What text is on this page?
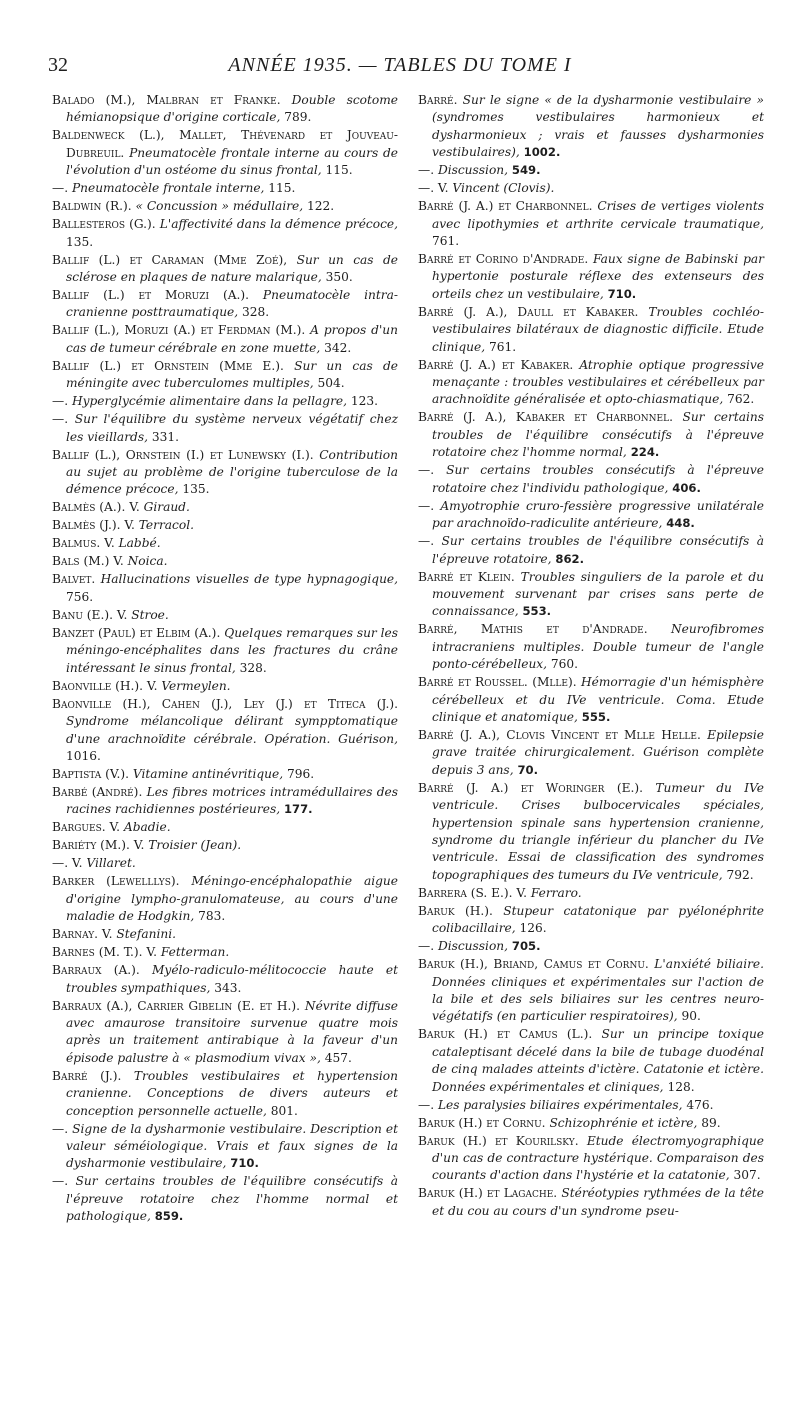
32	ANNÉE 1935. — TABLES DU TOME I
Balado (M.), Malbran et Franke. Double scotome hémianopsique d'origine corticale, 789.
Baldenweck (L.), Mallet, Thévenard et Jouveau-Dubreuil. Pneumatocèle frontale interne au cours de l'évolution d'un ostéome du sinus frontal, 115.
—. Pneumatocèle frontale interne, 115.
Baldwin (R.). « Concussion » médullaire, 122.
Ballesteros (G.). L'affectivité dans la démence précoce, 135.
Ballif (L.) et Caraman (Mme Zoé), Sur un cas de sclérose en plaques de nature malarique, 350.
Ballif (L.) et Moruzi (A.). Pneumatocèle intra-cranienne posttraumatique, 328.
Ballif (L.), Moruzi (A.) et Ferdman (M.). A propos d'un cas de tumeur cérébrale en zone muette, 342.
Ballif (L.) et Ornstein (Mme E.). Sur un cas de méningite avec tuberculomes multiples, 504.
—. Hyperglycémie alimentaire dans la pellagre, 123.
—. Sur l'équilibre du système nerveux végétatif chez les vieillards, 331.
Ballif (L.), Ornstein (I.) et Lunewsky (I.). Contribution au sujet au problème de l'origine tuberculose de la démence précoce, 135.
Balmès (A.). V. Giraud.
Balmès (J.). V. Terracol.
Balmus. V. Labbé.
Bals (M.) V. Noica.
Balvet. Hallucinations visuelles de type hypnagogique, 756.
Banu (E.). V. Stroe.
Banzet (Paul) et Elbim (A.). Quelques remarques sur les méningo-encéphalites dans les fractures du crâne intéressant le sinus frontal, 328.
Baonville (H.). V. Vermeylen.
Baonville (H.), Cahen (J.), Ley (J.) et Titeca (J.). Syndrome mélancolique délirant sympptomatique d'une arachnoïdite cérébrale. Opération. Guérison, 1016.
Baptista (V.). Vitamine antinévritique, 796.
Barbé (André). Les fibres motrices intramédullaires des racines rachidiennes postérieures, 177.
Bargues. V. Abadie.
Bariéty (M.). V. Troisier (Jean).
—. V. Villaret.
Barker (Lewelllys). Méningo-encéphalopathie aigue d'origine lympho-granulomateuse, au cours d'une maladie de Hodgkin, 783.
Barnay. V. Stefanini.
Barnes (M. T.). V. Fetterman.
Barraux (A.). Myélo-radiculo-mélitococcie haute et troubles sympathiques, 343.
Barraux (A.), Carrier Gibelin (E. et H.). Névrite diffuse avec amaurose transitoire survenue quatre mois après un traitement antirabique à la faveur d'un épisode palustre à « plasmodium vivax », 457.
Barré (J.). Troubles vestibulaires et hypertension cranienne. Conceptions de divers auteurs et conception personnelle actuelle, 801.
—. Signe de la dysharmonie vestibulaire. Description et valeur séméiologique. Vrais et faux signes de la dysharmonie vestibulaire, 710.
—. Sur certains troubles de l'équilibre consécutifs à l'épreuve rotatoire chez l'homme normal et pathologique, 859.
Barré. Sur le signe « de la dysharmonie vestibulaire » (syndromes vestibulaires harmonieux et dysharmonieux ; vrais et fausses dysharmonies vestibulaires), 1002.
—. Discussion, 549.
—. V. Vincent (Clovis).
Barré (J. A.) et Charbonnel. Crises de vertiges violents avec lipothymies et arthrite cervicale traumatique, 761.
Barré et Corino d'Andrade. Faux signe de Babinski par hypertonie posturale réflexe des extenseurs des orteils chez un vestibulaire, 710.
Barré (J. A.), Daull et Kabaker. Troubles cochléo-vestibulaires bilatéraux de diagnostic difficile. Etude clinique, 761.
Barré (J. A.) et Kabaker. Atrophie optique progressive menaçante : troubles vestibulaires et cérébelleux par arachnoïdite généralisée et opto-chiasmatique, 762.
Barré (J. A.), Kabaker et Charbonnel. Sur certains troubles de l'équilibre consécutifs à l'épreuve rotatoire chez l'homme normal, 224.
—. Sur certains troubles consécutifs à l'épreuve rotatoire chez l'individu pathologique, 406.
—. Amyotrophie cruro-fessière progressive unilatérale par arachnoïdo-radiculite antérieure, 448.
—. Sur certains troubles de l'équilibre consécutifs à l'épreuve rotatoire, 862.
Barré et Klein. Troubles singuliers de la parole et du mouvement survenant par crises sans perte de connaissance, 553.
Barré, Mathis et d'Andrade. Neurofibromes intracraniens multiples. Double tumeur de l'angle ponto-cérébelleux, 760.
Barré et Roussel. (Mlle). Hémorragie d'un hémisphère cérébelleux et du IVe ventricule. Coma. Etude clinique et anatomique, 555.
Barré (J. A.), Clovis Vincent et Mlle Helle. Epilepsie grave traitée chirurgicalement. Guérison complète depuis 3 ans, 70.
Barré (J. A.) et Woringer (E.). Tumeur du IVe ventricule. Crises bulbocervicales spéciales, hypertension spinale sans hypertension cranienne, syndrome du triangle inférieur du plancher du IVe ventricule. Essai de classification des syndromes topographiques des tumeurs du IVe ventricule, 792.
Barrera (S. E.). V. Ferraro.
Baruk (H.). Stupeur catatonique par pyélonéphrite colibacillaire, 126.
—. Discussion, 705.
Baruk (H.), Briand, Camus et Cornu. L'anxiété biliaire. Données cliniques et expérimentales sur l'action de la bile et des sels biliaires sur les centres neuro-végétatifs (en particulier respiratoires), 90.
Baruk (H.) et Camus (L.). Sur un principe toxique cataleptisant décelé dans la bile de tubage duodénal de cinq malades atteints d'ictère. Catatonie et ictère. Données expérimentales et cliniques, 128.
—. Les paralysies biliaires expérimentales, 476.
Baruk (H.) et Cornu. Schizophrénie et ictère, 89.
Baruk (H.) et Kourilsky. Etude électromyographique d'un cas de contracture hystérique. Comparaison des courants d'action dans l'hystérie et la catatonie, 307.
Baruk (H.) et Lagache. Stéréotypies rythmées de la tête et du cou au cours d'un syndrome pseu-
